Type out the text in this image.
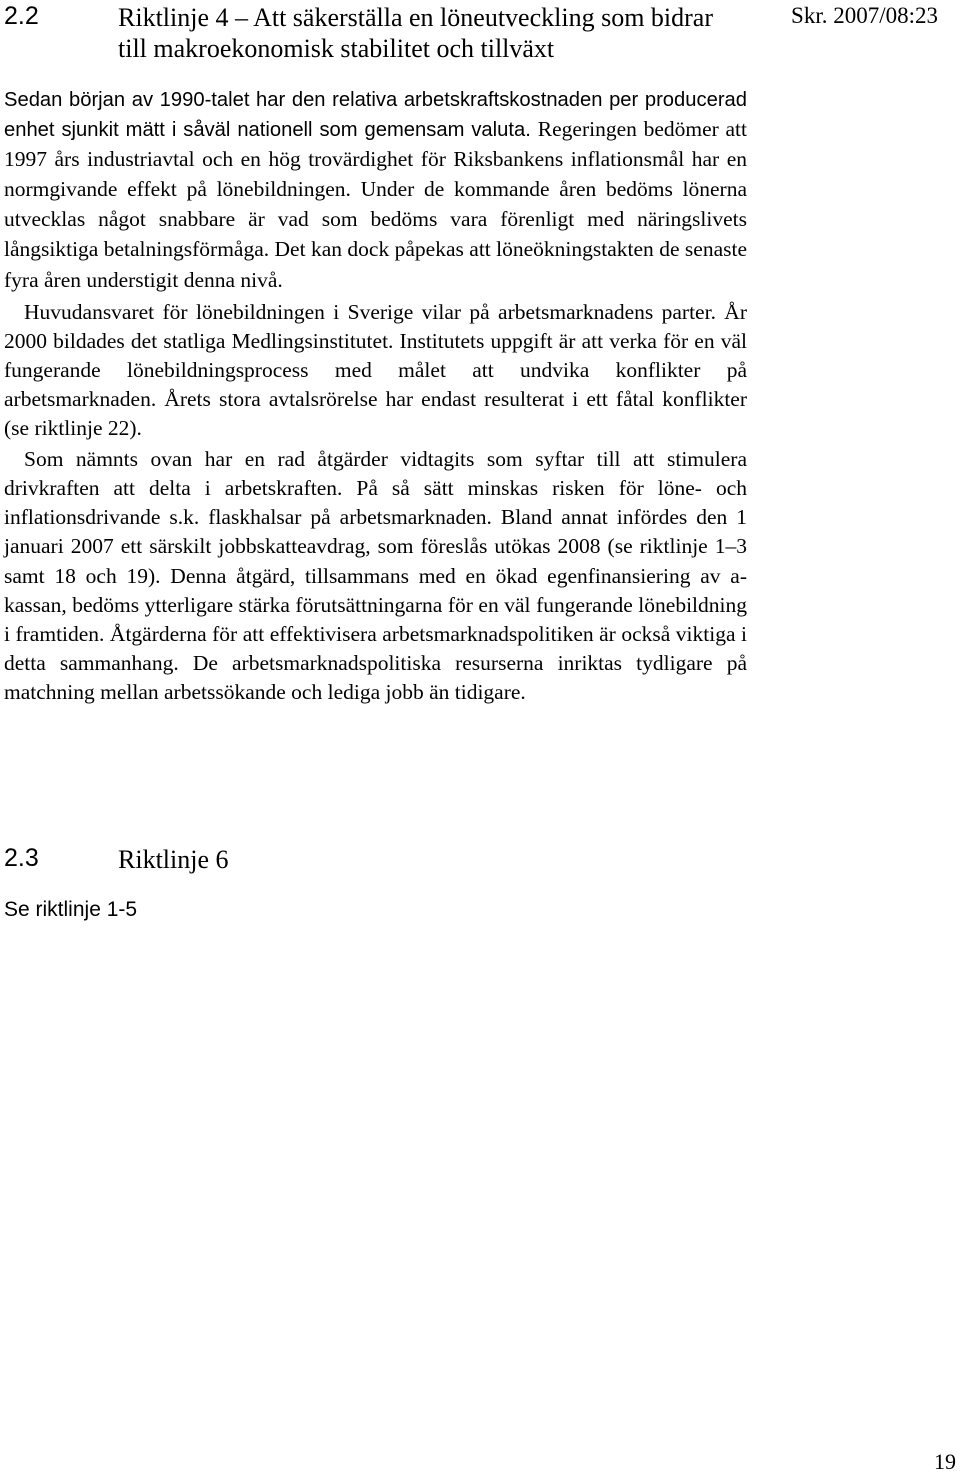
Skr. 2007/08:23
2.2	Riktlinje 4 – Att säkerställa en löneutveckling som bidrar till makroekonomisk stabilitet och tillväxt

Sedan början av 1990-talet har den relativa arbetskraftskostnaden per producerad enhet sjunkit mätt i såväl nationell som gemensam valuta. Regeringen bedömer att 1997 års industriavtal och en hög trovärdighet för Riksbankens inflationsmål har en normgivande effekt på lönebildningen. Under de kommande åren bedöms lönerna utvecklas något snabbare är vad som bedöms vara förenligt med näringslivets långsiktiga betalningsförmåga. Det kan dock påpekas att löneökningstakten de senaste fyra åren understigit denna nivå.

Huvudansvaret för lönebildningen i Sverige vilar på arbetsmarknadens parter. År 2000 bildades det statliga Medlingsinstitutet. Institutets uppgift är att verka för en väl fungerande lönebildningsprocess med målet att undvika konflikter på arbetsmarknaden. Årets stora avtalsrörelse har endast resulterat i ett fåtal konflikter (se riktlinje 22).

Som nämnts ovan har en rad åtgärder vidtagits som syftar till att stimulera drivkraften att delta i arbetskraften. På så sätt minskas risken för löne- och inflationsdrivande s.k. flaskhalsar på arbetsmarknaden. Bland annat infördes den 1 januari 2007 ett särskilt jobbskatteavdrag, som föreslås utökas 2008 (se riktlinje 1–3 samt 18 och 19). Denna åtgärd, tillsammans med en ökad egenfinansiering av a-kassan, bedöms ytterligare stärka förutsättningarna för en väl fungerande lönebildning i framtiden. Åtgärderna för att effektivisera arbetsmarknadspolitiken är också viktiga i detta sammanhang. De arbetsmarknadspolitiska resurserna inriktas tydligare på matchning mellan arbetssökande och lediga jobb än tidigare.

2.3	Riktlinje 6
Se riktlinje 1-5
19
